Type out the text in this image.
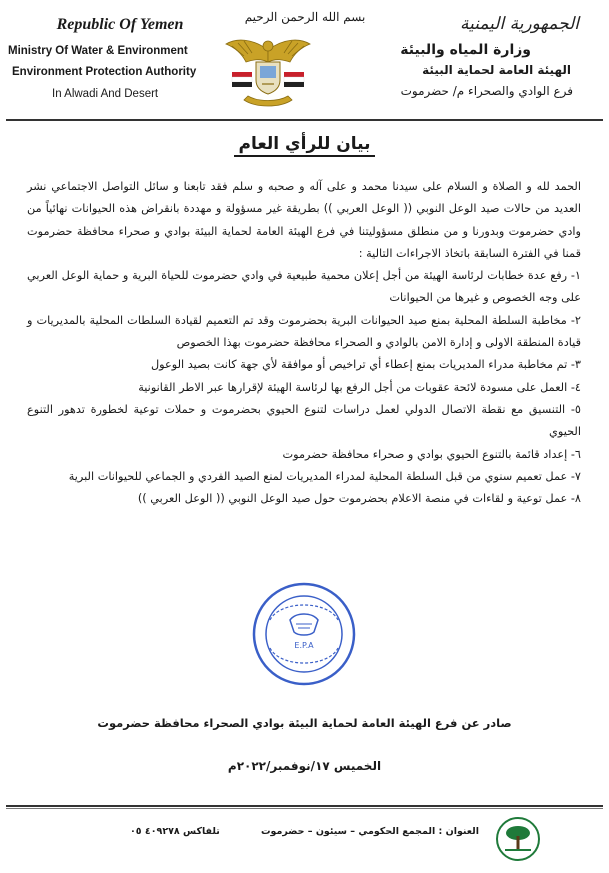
Republic Of Yemen
Ministry Of Water & Environment
Environment Protection Authority
In Alwadi And Desert
بسم الله الرحمن الرحيم	الجمهورية اليمنية
وزارة المياه والبيئة
الهيئة العامة لحماية البيئة
فرع الوادي والصحراء م/ حضرموت
بيان للرأي العام

الحمد لله و الصلاة و السلام على سيدنا محمد و على آله و صحبه و سلم فقد تابعنا و سائل التواصل الاجتماعي نشر العديد من حالات صيد الوعل النوبي (( الوعل العربي )) بطريقة غير مسؤولة و مهددة بانقراض هذه الحيوانات نهائياً من وادي حضرموت وبدورنا و من منطلق مسؤوليتنا في فرع الهيئة العامة لحماية البيئة بوادي و صحراء محافظة حضرموت قمنا في الفترة السابقة باتخاذ الاجراءات التالية :

١- رفع عدة خطابات لرئاسة الهيئة من أجل إعلان محمية طبيعية في وادي حضرموت للحياة البرية و حماية الوعل العربي على وجه الخصوص و غيرها من الحيوانات
٢- مخاطبة السلطة المحلية بمنع صيد الحيوانات البرية بحضرموت وقد تم التعميم لقيادة السلطات المحلية بالمديريات و قيادة المنطقة الاولى و إدارة الامن بالوادي و الصحراء محافظة حضرموت بهذا الخصوص
٣- تم مخاطبة مدراء المديريات بمنع إعطاء أي تراخيص أو موافقة لأي جهة كانت بصيد الوعول
٤- العمل على مسودة لائحة عقوبات من أجل الرفع بها لرئاسة الهيئة لإقرارها عبر الاطر القانونية
٥- التنسيق مع نقطة الاتصال الدولي لعمل دراسات لتنوع الحيوي بحضرموت و حملات توعية لخطورة تدهور التنوع الحيوي
٦- إعداد قائمة بالتنوع الحيوي بوادي و صحراء محافظة حضرموت
٧- عمل تعميم سنوي من قبل السلطة المحلية لمدراء المديريات لمنع الصيد الفردي و الجماعي للحيوانات البرية
٨- عمل توعية و لقاءات في منصة الاعلام بحضرموت حول صيد الوعل النوبي (( الوعل العربي ))
E.P.A
صادر عن فرع الهيئة العامة لحماية البيئة بوادي الصحراء محافظة حضرموت
الخميس ١٧/نوفمبر/٢٠٢٢م
العنوان : المجمع الحكومي – سيئون – حضرموت
تلفاكس ٤٠٩٢٧٨ ٠٥
